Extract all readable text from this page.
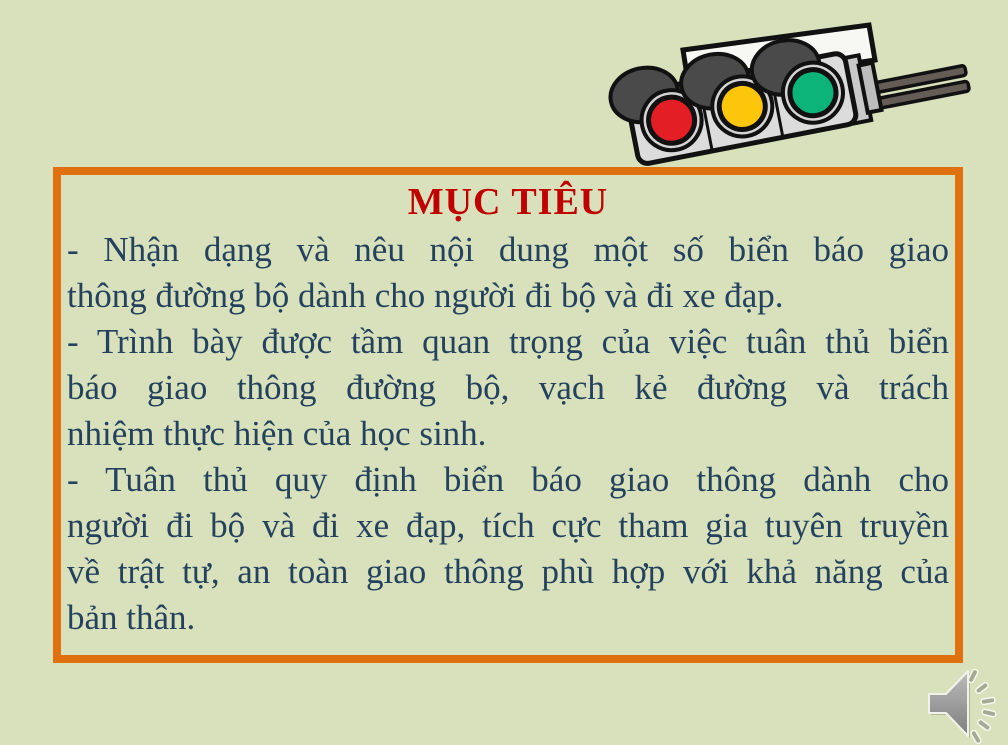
MỤC TIÊU
- Nhận dạng và nêu nội dung một số biển báo giao
thông đường bộ dành cho người đi bộ và đi xe đạp.
- Trình bày được tầm quan trọng của việc tuân thủ biển
báo giao thông đường bộ, vạch kẻ đường và trách
nhiệm thực hiện của học sinh.
- Tuân thủ quy định biển báo giao thông dành cho
người đi bộ và đi xe đạp, tích cực tham gia tuyên truyền
về trật tự, an toàn giao thông phù hợp với khả năng của
bản thân.
